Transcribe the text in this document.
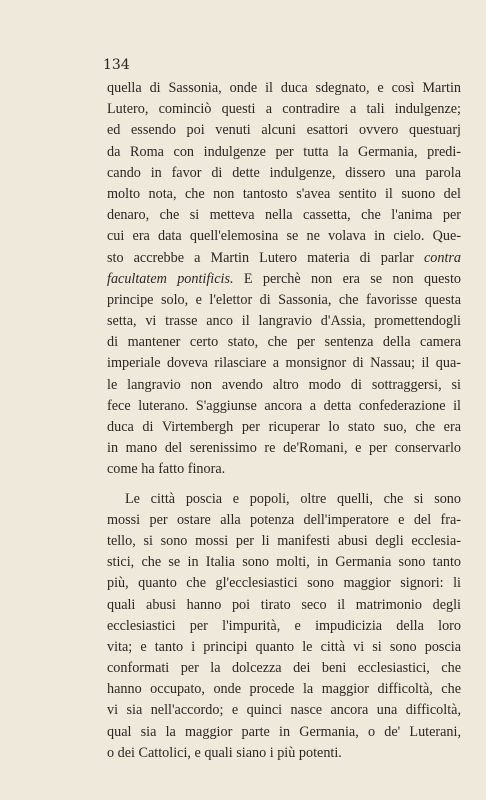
134
quella di Sassonia, onde il duca sdegnato, e così Martin
Lutero, cominciò questi a contradire a tali indulgenze;
ed essendo poi venuti alcuni esattori ovvero questuarj
da Roma con indulgenze per tutta la Germania, predi-
cando in favor di dette indulgenze, dissero una parola
molto nota, che non tantosto s'avea sentito il suono del
denaro, che si metteva nella cassetta, che l'anima per
cui era data quell'elemosina se ne volava in cielo. Que-
sto accrebbe a Martin Lutero materia di parlar contra
facultatem pontificis. E perchè non era se non questo
principe solo, e l'elettor di Sassonia, che favorisse questa
setta, vi trasse anco il langravio d'Assia, promettendogli
di mantener certo stato, che per sentenza della camera
imperiale doveva rilasciare a monsignor di Nassau; il qua-
le langravio non avendo altro modo di sottraggersi, si
fece luterano. S'aggiunse ancora a detta confederazione il
duca di Virtembergh per ricuperar lo stato suo, che era
in mano del serenissimo re de'Romani, e per conservarlo
come ha fatto finora.
Le città poscia e popoli, oltre quelli, che si sono
mossi per ostare alla potenza dell'imperatore e del fra-
tello, si sono mossi per li manifesti abusi degli ecclesia-
stici, che se in Italia sono molti, in Germania sono tanto
più, quanto che gl'ecclesiastici sono maggior signori: li
quali abusi hanno poi tirato seco il matrimonio degli
ecclesiastici per l'impurità, e impudicizia della loro
vita; e tanto i principi quanto le città vi si sono poscia
conformati per la dolcezza dei beni ecclesiastici, che
hanno occupato, onde procede la maggior difficoltà, che
vi sia nell'accordo; e quinci nasce ancora una difficoltà,
qual sia la maggior parte in Germania, o de' Luterani,
o dei Cattolici, e quali siano i più potenti.
